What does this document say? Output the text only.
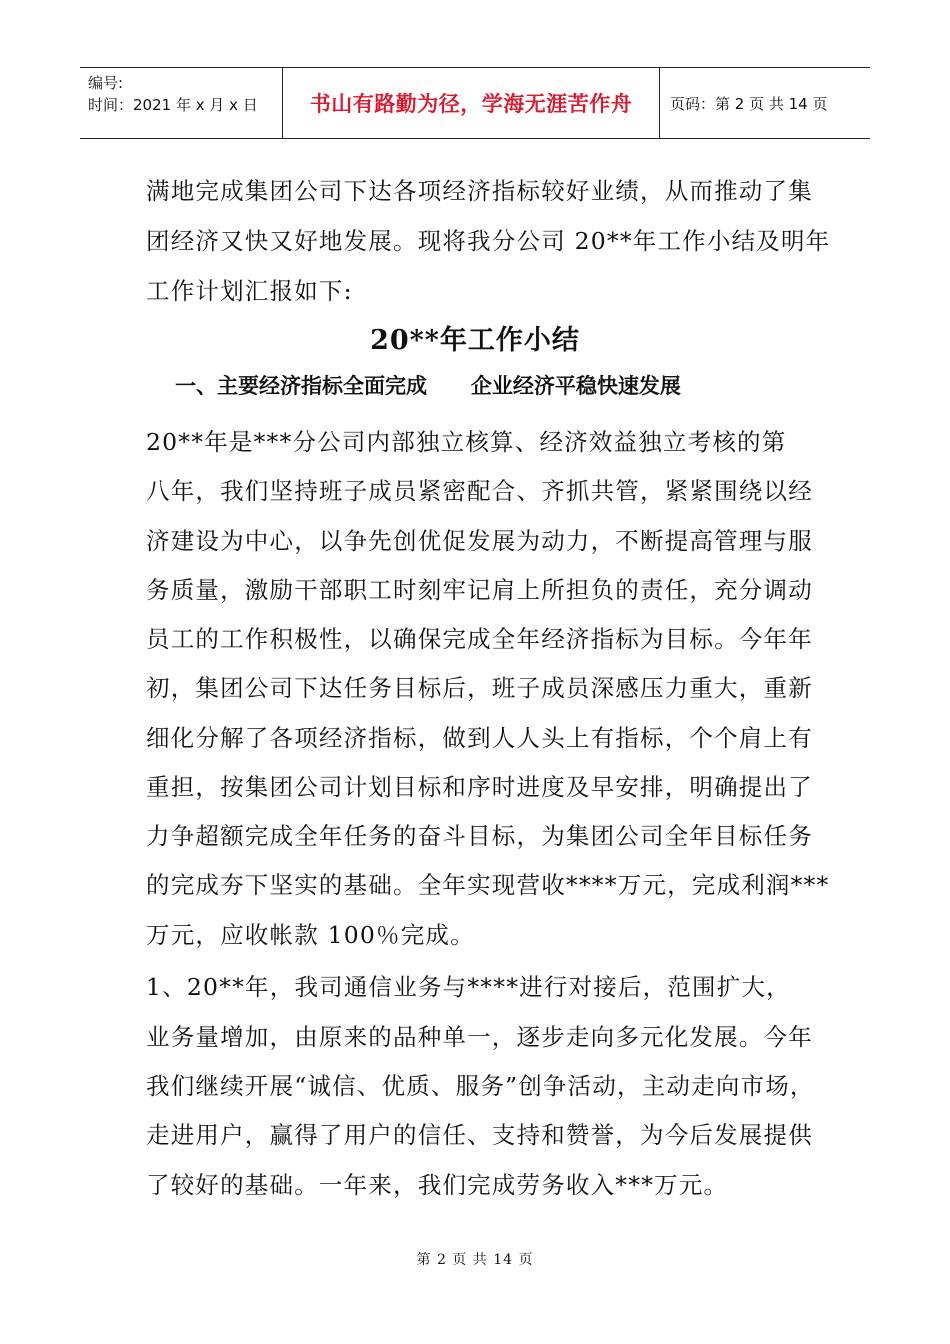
编号:
时间：2021 年 x 月 x 日 书山有路勤为径，学海无涯苦作舟	页码：第 2 页 共 14 页
满地完成集团公司下达各项经济指标较好业绩，从而推动了集
团经济又快又好地发展。现将我分公司 20**年工作小结及明年
工作计划汇报如下:
20**年工作小结
一、主要经济指标全面完成      企业经济平稳快速发展
20**年是***分公司内部独立核算、经济效益独立考核的第
八年，我们坚持班子成员紧密配合、齐抓共管，紧紧围绕以经
济建设为中心，以争先创优促发展为动力，不断提高管理与服
务质量，激励干部职工时刻牢记肩上所担负的责任，充分调动
员工的工作积极性，以确保完成全年经济指标为目标。今年年
初，集团公司下达任务目标后，班子成员深感压力重大，重新
细化分解了各项经济指标，做到人人头上有指标，个个肩上有
重担，按集团公司计划目标和序时进度及早安排，明确提出了
力争超额完成全年任务的奋斗目标，为集团公司全年目标任务
的完成夯下坚实的基础。全年实现营收****万元，完成利润***
万元，应收帐款 100％完成。
1、20**年，我司通信业务与****进行对接后，范围扩大，
业务量增加，由原来的品种单一，逐步走向多元化发展。今年
我们继续开展“诚信、优质、服务”创争活动，主动走向市场，
走进用户，赢得了用户的信任、支持和赞誉，为今后发展提供
了较好的基础。一年来，我们完成劳务收入***万元。
第 2 页 共 14 页
